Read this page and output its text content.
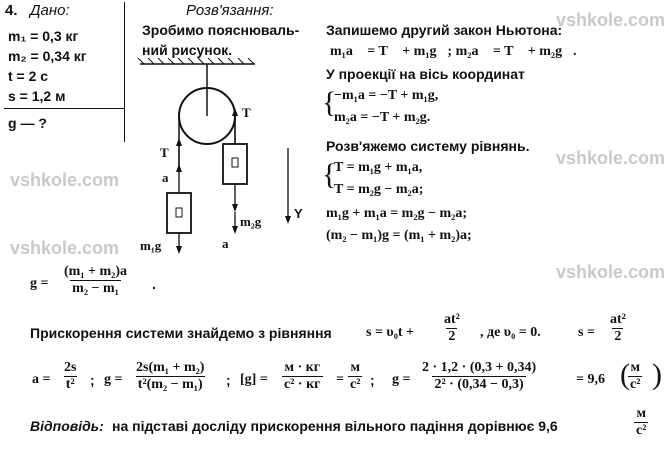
vshkole.com
vshkole.com
vshkole.com
vshkole.com
vshkole.com
4. Дано:
m₁ = 0,3 кг
m₂ = 0,34 кг
t = 2 с
s = 1,2 м
g — ?
Розв'язання:
Зробимо пояснюваль-
ний рисунок.
T⃗
T⃗
a⃗
a⃗
m₁g⃗
m₂g⃗
Y
Запишемо другий закон Ньютона:
m₁a⃗ = T⃗ + m₁g⃗; m₂a⃗ = T⃗ + m₂g⃗.
У проекції на вісь координат
{
−m₁a = −T + m₁g,
m₂a = −T + m₂g.
Розв'яжемо систему рівнянь.
{
T = m₁g + m₁a,
T = m₂g − m₂a;
m₁g + m₁a = m₂g − m₂a;
(m₂ − m₁)g = (m₁ + m₂)a;
$g = \frac{\text{(m₁ + m₂)a}}{\text{m₂ − m₁}}$ .
Прискорення системи знайдемо з рівняння $s = \upsilon_0t + \frac{\text{at²}}{2}$ , де υ₀ = 0.	$s = \frac{\text{at²}}{2}$
$a = \frac{2s}{\text{t²}}$ ; $g = \frac{\text{2s(m₁ + m₂)}}{\text{t²(m₂ − m₁)}}$ ; [g] =
м · кг
с² · кг =
м
с² ; $g = \frac{2 \cdot 1,2 \cdot (0,3 + 0,34)}{\text{2² · (0,34 − 0,3)}}$	= 9,6 ( м
с² )
Відповідь: на підставі досліду прискорення вільного падіння дорівнює 9,6
м
с²
